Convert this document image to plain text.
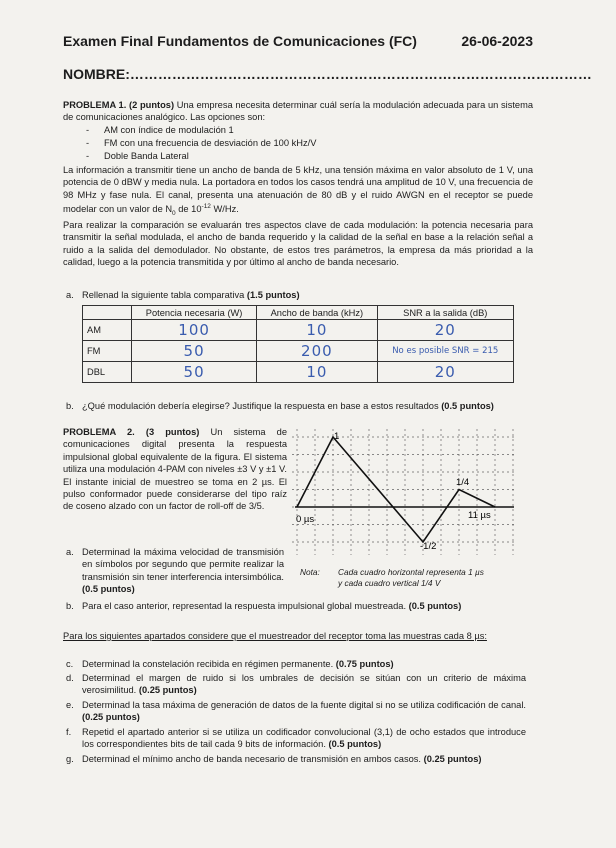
Examen Final Fundamentos de Comunicaciones (FC)	26-06-2023
NOMBRE:………………………………………………………………………………………
PROBLEMA 1. (2 puntos) Una empresa necesita determinar cuál sería la modulación adecuada para un sistema de comunicaciones analógico. Las opciones son:
- AM con índice de modulación 1
- FM con una frecuencia de desviación de 100 kHz/V
- Doble Banda Lateral
La información a transmitir tiene un ancho de banda de 5 kHz, una tensión máxima en valor absoluto de 1 V, una potencia de 0 dBW y media nula. La portadora en todos los casos tendrá una amplitud de 10 V, una frecuencia de 98 MHz y fase nula. El canal, presenta una atenuación de 80 dB y el ruido AWGN en el receptor se puede modelar con un valor de $N_0$ de $10^{-12}$ W/Hz.
Para realizar la comparación se evaluarán tres aspectos clave de cada modulación: la potencia necesaria para transmitir la señal modulada, el ancho de banda requerido y la calidad de la señal en base a la relación señal a ruido a la salida del demodulador. No obstante, de estos tres parámetros, la empresa da más prioridad a la calidad, luego a la potencia transmitida y por último al ancho de banda necesario.
a. Rellenad la siguiente tabla comparativa (1.5 puntos)
	Potencia necesaria (W)	Ancho de banda (kHz)	SNR a la salida (dB)
AM	100	10	20
FM	50	200	No es posible SNR = 215
DBL	50	10	20
b. ¿Qué modulación debería elegirse? Justifique la respuesta en base a estos resultados (0.5 puntos)
PROBLEMA 2. (3 puntos) Un sistema de comunicaciones digital presenta la respuesta impulsional global equivalente de la figura. El sistema utiliza una modulación 4-PAM con niveles ±3 V y ±1 V. El instante inicial de muestreo se toma en 2 µs. El pulso conformador puede considerarse del tipo raíz de coseno alzado con un factor de roll-off de 3/5.
1
1/4
-1/2
0 µs	11 µs
Nota: Cada cuadro horizontal representa 1 µs
y cada cuadro vertical 1/4 V
a. Determinad la máxima velocidad de transmisión en símbolos por segundo que permite realizar la transmisión sin tener interferencia intersimbólica. (0.5 puntos)
b. Para el caso anterior, representad la respuesta impulsional global muestreada. (0.5 puntos)
Para los siguientes apartados considere que el muestreador del receptor toma las muestras cada 8 µs:
c. Determinad la constelación recibida en régimen permanente. (0.75 puntos)
d. Determinad el margen de ruido si los umbrales de decisión se sitúan con un criterio de máxima verosimilitud. (0.25 puntos)
e. Determinad la tasa máxima de generación de datos de la fuente digital si no se utiliza codificación de canal. (0.25 puntos)
f. Repetid el apartado anterior si se utiliza un codificador convolucional (3,1) de ocho estados que introduce los correspondientes bits de tail cada 9 bits de información. (0.5 puntos)
g. Determinad el mínimo ancho de banda necesario de transmisión en ambos casos. (0.25 puntos)
